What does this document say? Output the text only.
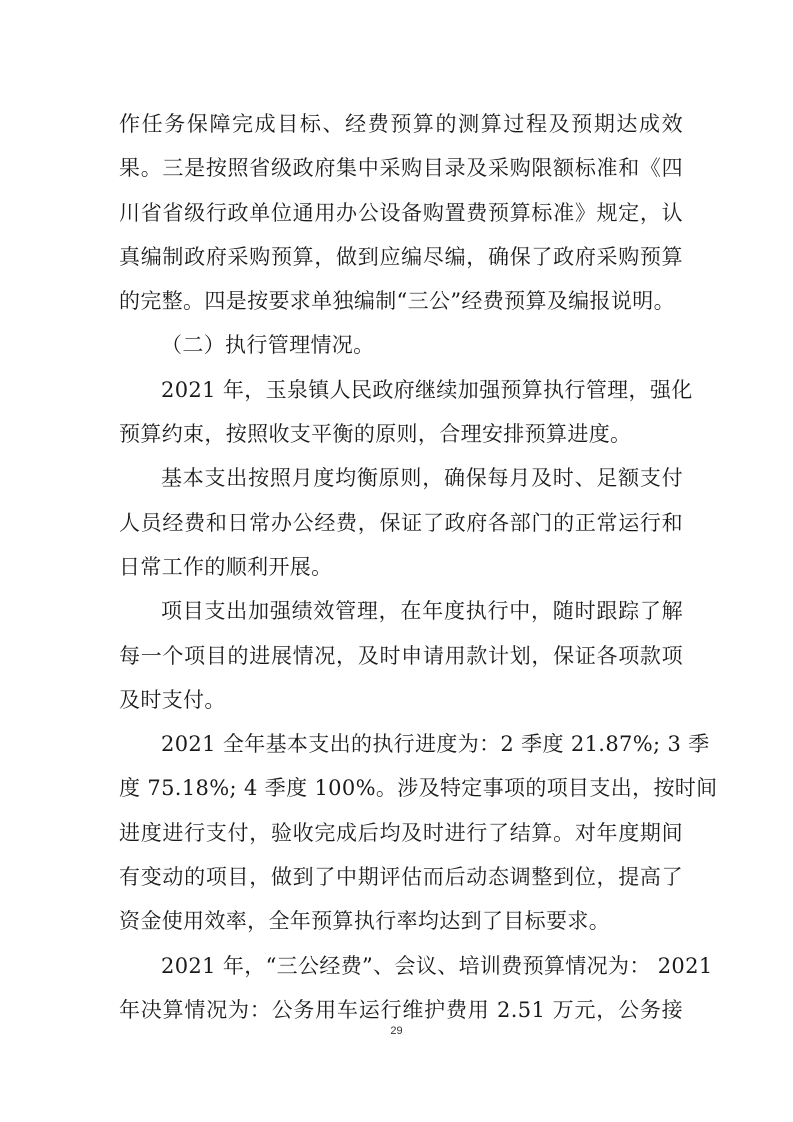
作任务保障完成目标、经费预算的测算过程及预期达成效
果。三是按照省级政府集中采购目录及采购限额标准和《四
川省省级行政单位通用办公设备购置费预算标准》规定，认
真编制政府采购预算，做到应编尽编，确保了政府采购预算
的完整。四是按要求单独编制“三公”经费预算及编报说明。
（二）执行管理情况。
2021 年，玉泉镇人民政府继续加强预算执行管理，强化
预算约束，按照收支平衡的原则，合理安排预算进度。
基本支出按照月度均衡原则，确保每月及时、足额支付
人员经费和日常办公经费，保证了政府各部门的正常运行和
日常工作的顺利开展。
项目支出加强绩效管理，在年度执行中，随时跟踪了解
每一个项目的进展情况，及时申请用款计划，保证各项款项
及时支付。
2021 全年基本支出的执行进度为：2 季度 21.87%; 3 季
度 75.18%; 4 季度 100%。涉及特定事项的项目支出，按时间
进度进行支付，验收完成后均及时进行了结算。对年度期间
有变动的项目，做到了中期评估而后动态调整到位，提高了
资金使用效率，全年预算执行率均达到了目标要求。
2021 年，“三公经费”、会议、培训费预算情况为： 2021
年决算情况为：公务用车运行维护费用 2.51 万元，公务接
29
